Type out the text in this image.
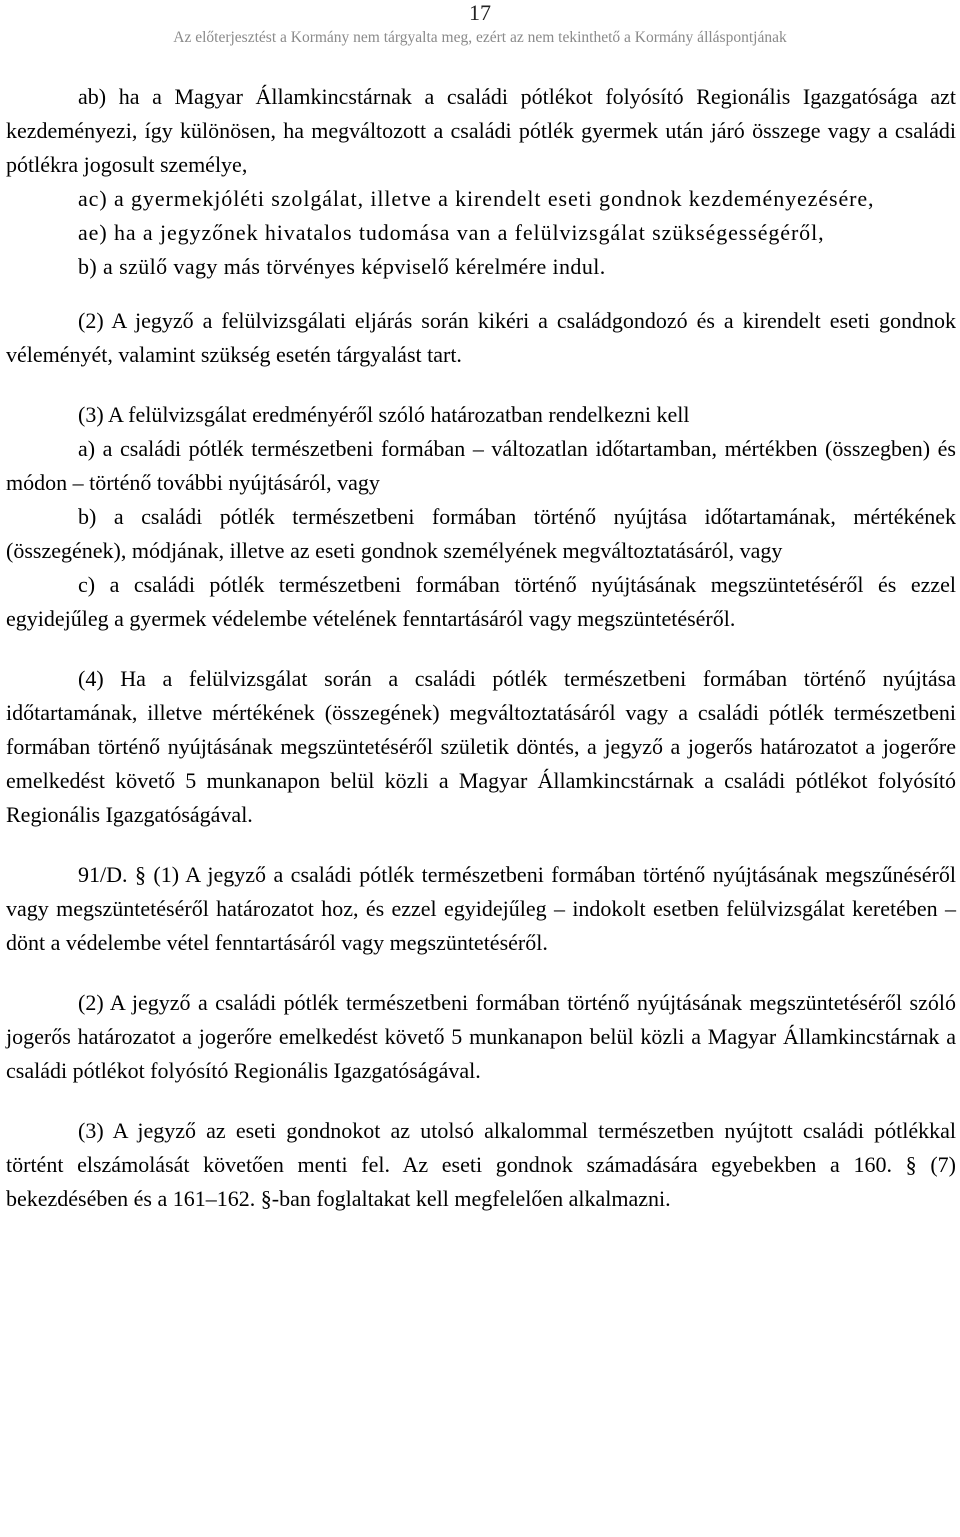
17
Az előterjesztést a Kormány nem tárgyalta meg, ezért az nem tekinthető a Kormány álláspontjának

ab) ha a Magyar Államkincstárnak a családi pótlékot folyósító Regionális Igazgatósága azt kezdeményezi, így különösen, ha megváltozott a családi pótlék gyermek után járó összege vagy a családi pótlékra jogosult személye,

ac) a gyermekjóléti szolgálat, illetve a kirendelt eseti gondnok kezdeményezésére,

ae) ha a jegyzőnek hivatalos tudomása van a felülvizsgálat szükségességéről,

b) a szülő vagy más törvényes képviselő kérelmére indul.

(2) A jegyző a felülvizsgálati eljárás során kikéri a családgondozó és a kirendelt eseti gondnok véleményét, valamint szükség esetén tárgyalást tart.

(3) A felülvizsgálat eredményéről szóló határozatban rendelkezni kell

a) a családi pótlék természetbeni formában – változatlan időtartamban, mértékben (összegben) és módon – történő további nyújtásáról, vagy

b) a családi pótlék természetbeni formában történő nyújtása időtartamának, mértékének (összegének), módjának, illetve az eseti gondnok személyének megváltoztatásáról, vagy

c) a családi pótlék természetbeni formában történő nyújtásának megszüntetéséről és ezzel egyidejűleg a gyermek védelembe vételének fenntartásáról vagy megszüntetéséről.

(4) Ha a felülvizsgálat során a családi pótlék természetbeni formában történő nyújtása időtartamának, illetve mértékének (összegének) megváltoztatásáról vagy a családi pótlék természetbeni formában történő nyújtásának megszüntetéséről születik döntés, a jegyző a jogerős határozatot a jogerőre emelkedést követő 5 munkanapon belül közli a Magyar Államkincstárnak a családi pótlékot folyósító Regionális Igazgatóságával.

91/D. § (1) A jegyző a családi pótlék természetbeni formában történő nyújtásának megszűnéséről vagy megszüntetéséről határozatot hoz, és ezzel egyidejűleg – indokolt esetben felülvizsgálat keretében – dönt a védelembe vétel fenntartásáról vagy megszüntetéséről.

(2) A jegyző a családi pótlék természetbeni formában történő nyújtásának megszüntetéséről szóló jogerős határozatot a jogerőre emelkedést követő 5 munkanapon belül közli a Magyar Államkincstárnak a családi pótlékot folyósító Regionális Igazgatóságával.

(3) A jegyző az eseti gondnokot az utolsó alkalommal természetben nyújtott családi pótlékkal történt elszámolását követően menti fel. Az eseti gondnok számadására egyebekben a 160. § (7) bekezdésében és a 161–162. §-ban foglaltakat kell megfelelően alkalmazni.
